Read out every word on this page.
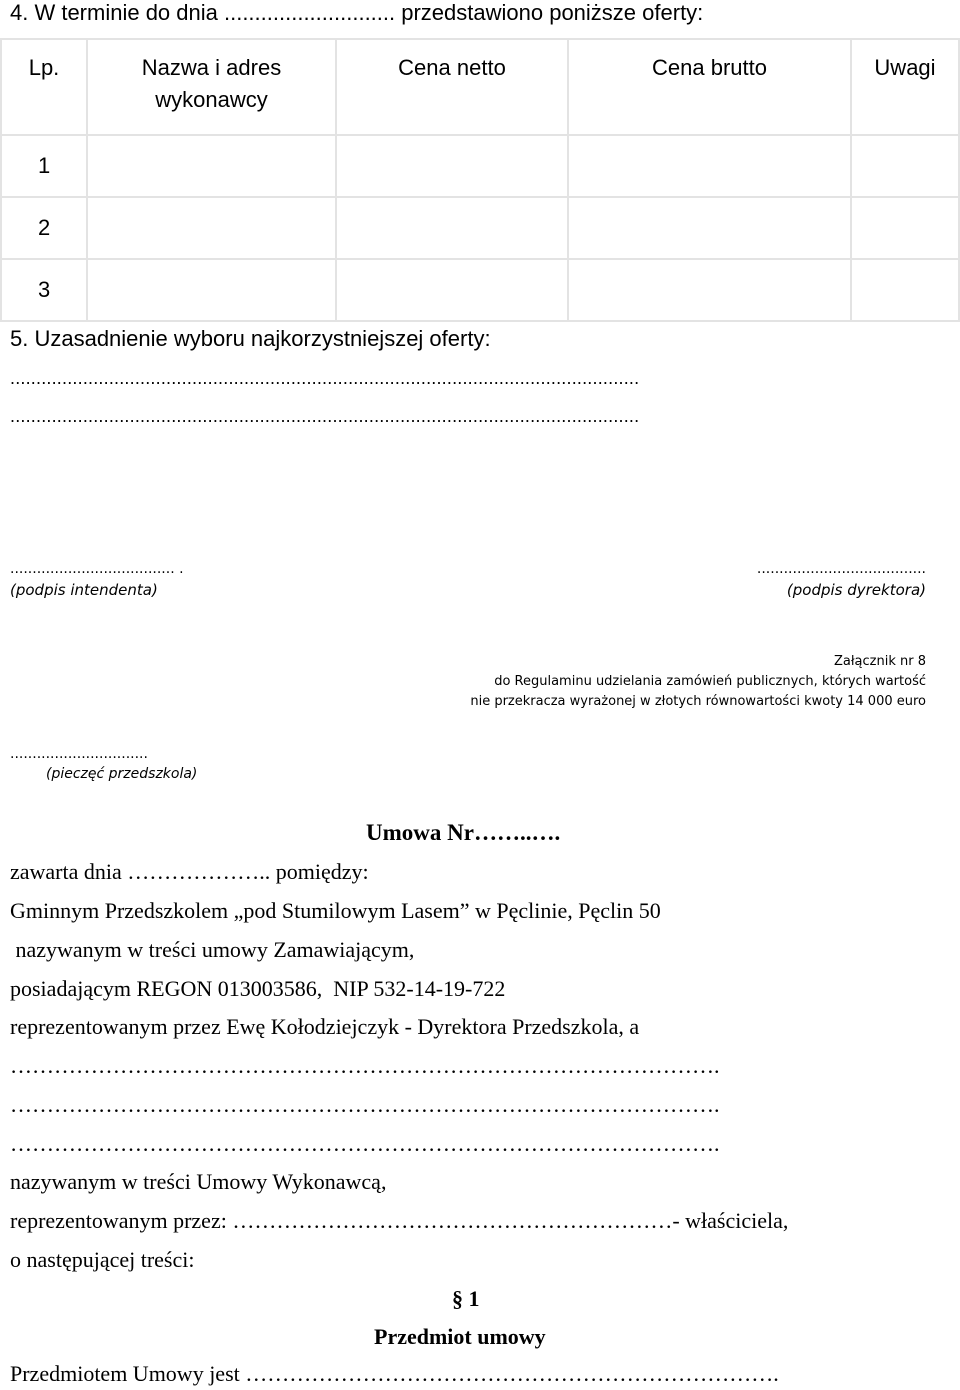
4. W terminie do dnia ............................ przedstawiono poniższe oferty:
Lp.	Nazwa i adres wykonawcy	Cena netto	Cena brutto	Uwagi
1				
2				
3				
5. Uzasadnienie wyboru najkorzystniejszej oferty:
.........................................................................................................................
.........................................................................................................................
..................................... .
(podpis intendenta)
......................................
(podpis dyrektora)
Załącznik nr 8
do Regulaminu udzielania zamówień publicznych, których wartość
nie przekracza wyrażonej w złotych równowartości kwoty 14 000 euro
...............................
(pieczęć przedszkola)
Umowa Nr……..….
zawarta dnia ……………….. pomiędzy:
Gminnym Przedszkolem „pod Stumilowym Lasem” w Pęclinie, Pęclin 50
nazywanym w treści umowy Zamawiającym,
posiadającym REGON 013003586,  NIP 532-14-19-722
reprezentowanym przez Ewę Kołodziejczyk - Dyrektora Przedszkola, a
…………………………………………………………………………………….
…………………………………………………………………………………….
…………………………………………………………………………………….
nazywanym w treści Umowy Wykonawcą,
reprezentowanym przez: ……………………………………………………- właściciela,
o następującej treści:
§ 1
Przedmiot umowy
Przedmiotem Umowy jest ……………………………………………………………….
